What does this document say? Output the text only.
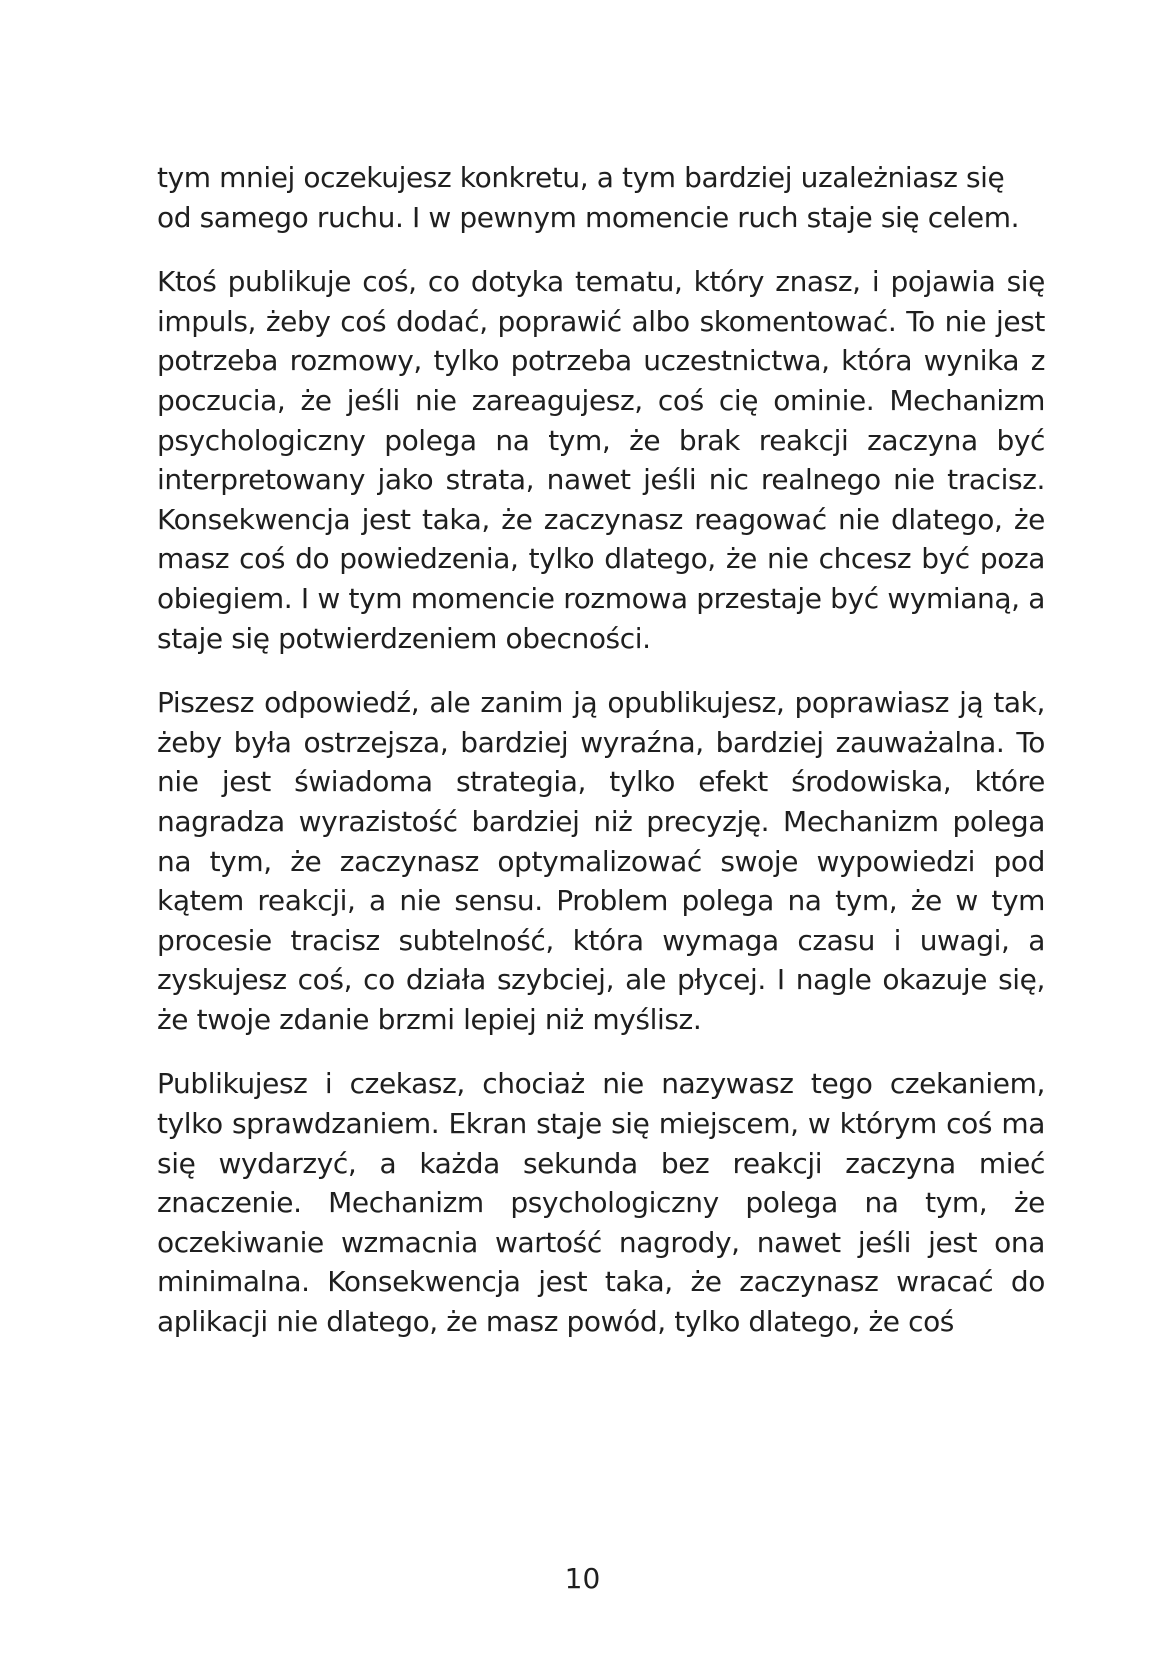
tym mniej oczekujesz konkretu, a tym bardziej uzależniasz się od samego ruchu. I w pewnym momencie ruch staje się celem.

Ktoś publikuje coś, co dotyka tematu, który znasz, i pojawia się impuls, żeby coś dodać, poprawić albo skomentować. To nie jest potrzeba rozmowy, tylko potrzeba uczestnictwa, która wynika z poczucia, że jeśli nie zareagujesz, coś cię ominie. Mechanizm psychologiczny polega na tym, że brak reakcji zaczyna być interpretowany jako strata, nawet jeśli nic realnego nie tracisz. Konsekwencja jest taka, że zaczynasz reagować nie dlatego, że masz coś do powiedzenia, tylko dlatego, że nie chcesz być poza obiegiem. I w tym momencie rozmowa przestaje być wymianą, a staje się potwierdzeniem obecności.

Piszesz odpowiedź, ale zanim ją opublikujesz, poprawiasz ją tak, żeby była ostrzejsza, bardziej wyraźna, bardziej zauważalna. To nie jest świadoma strategia, tylko efekt środowiska, które nagradza wyrazistość bardziej niż precyzję. Mechanizm polega na tym, że zaczynasz optymalizować swoje wypowiedzi pod kątem reakcji, a nie sensu. Problem polega na tym, że w tym procesie tracisz subtelność, która wymaga czasu i uwagi, a zyskujesz coś, co działa szybciej, ale płycej. I nagle okazuje się, że twoje zdanie brzmi lepiej niż myślisz.

Publikujesz i czekasz, chociaż nie nazywasz tego czekaniem, tylko sprawdzaniem. Ekran staje się miejscem, w którym coś ma się wydarzyć, a każda sekunda bez reakcji zaczyna mieć znaczenie. Mechanizm psychologiczny polega na tym, że oczekiwanie wzmacnia wartość nagrody, nawet jeśli jest ona minimalna. Konsekwencja jest taka, że zaczynasz wracać do aplikacji nie dlatego, że masz powód, tylko dlatego, że coś

10
